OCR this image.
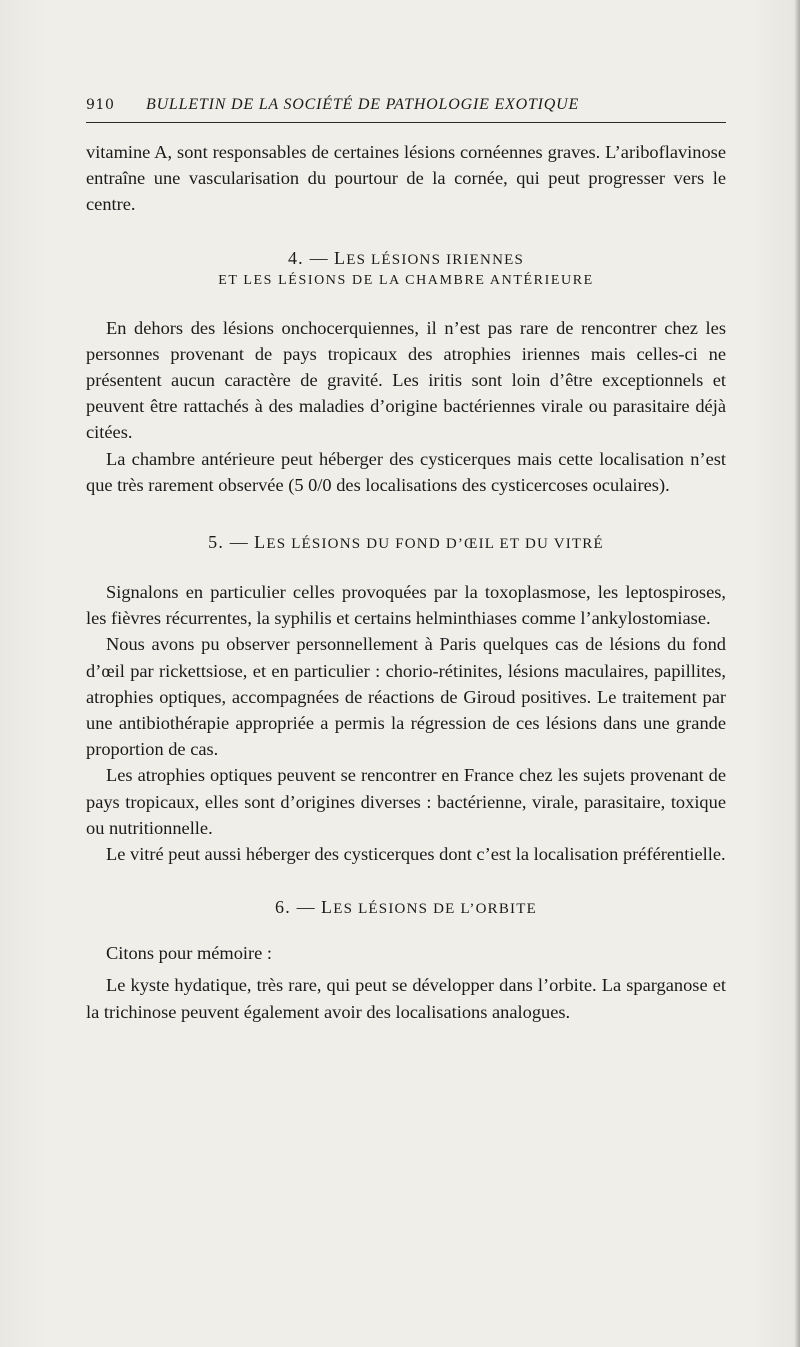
910	BULLETIN DE LA SOCIÉTÉ DE PATHOLOGIE EXOTIQUE

vitamine A, sont responsables de certaines lésions cornéennes graves. L’ariboflavinose entraîne une vascularisation du pourtour de la cornée, qui peut progresser vers le centre.

4. — LES LÉSIONS IRIENNES
ET LES LÉSIONS DE LA CHAMBRE ANTÉRIEURE

En dehors des lésions onchocerquiennes, il n’est pas rare de rencontrer chez les personnes provenant de pays tropicaux des atrophies iriennes mais celles-ci ne présentent aucun caractère de gravité. Les iritis sont loin d’être exceptionnels et peuvent être rattachés à des maladies d’origine bactériennes virale ou parasitaire déjà citées.

La chambre antérieure peut héberger des cysticerques mais cette localisation n’est que très rarement observée (5 0/0 des localisations des cysticercoses oculaires).

5. — LES LÉSIONS DU FOND D’ŒIL ET DU VITRÉ

Signalons en particulier celles provoquées par la toxoplasmose, les leptospiroses, les fièvres récurrentes, la syphilis et certains helminthiases comme l’ankylostomiase.

Nous avons pu observer personnellement à Paris quelques cas de lésions du fond d’œil par rickettsiose, et en particulier : chorio-rétinites, lésions maculaires, papillites, atrophies optiques, accompagnées de réactions de Giroud positives. Le traitement par une antibiothérapie appropriée a permis la régression de ces lésions dans une grande proportion de cas.

Les atrophies optiques peuvent se rencontrer en France chez les sujets provenant de pays tropicaux, elles sont d’origines diverses : bactérienne, virale, parasitaire, toxique ou nutritionnelle.

Le vitré peut aussi héberger des cysticerques dont c’est la localisation préférentielle.

6. — LES LÉSIONS DE L’ORBITE

Citons pour mémoire :

Le kyste hydatique, très rare, qui peut se développer dans l’orbite. La sparganose et la trichinose peuvent également avoir des localisations analogues.
